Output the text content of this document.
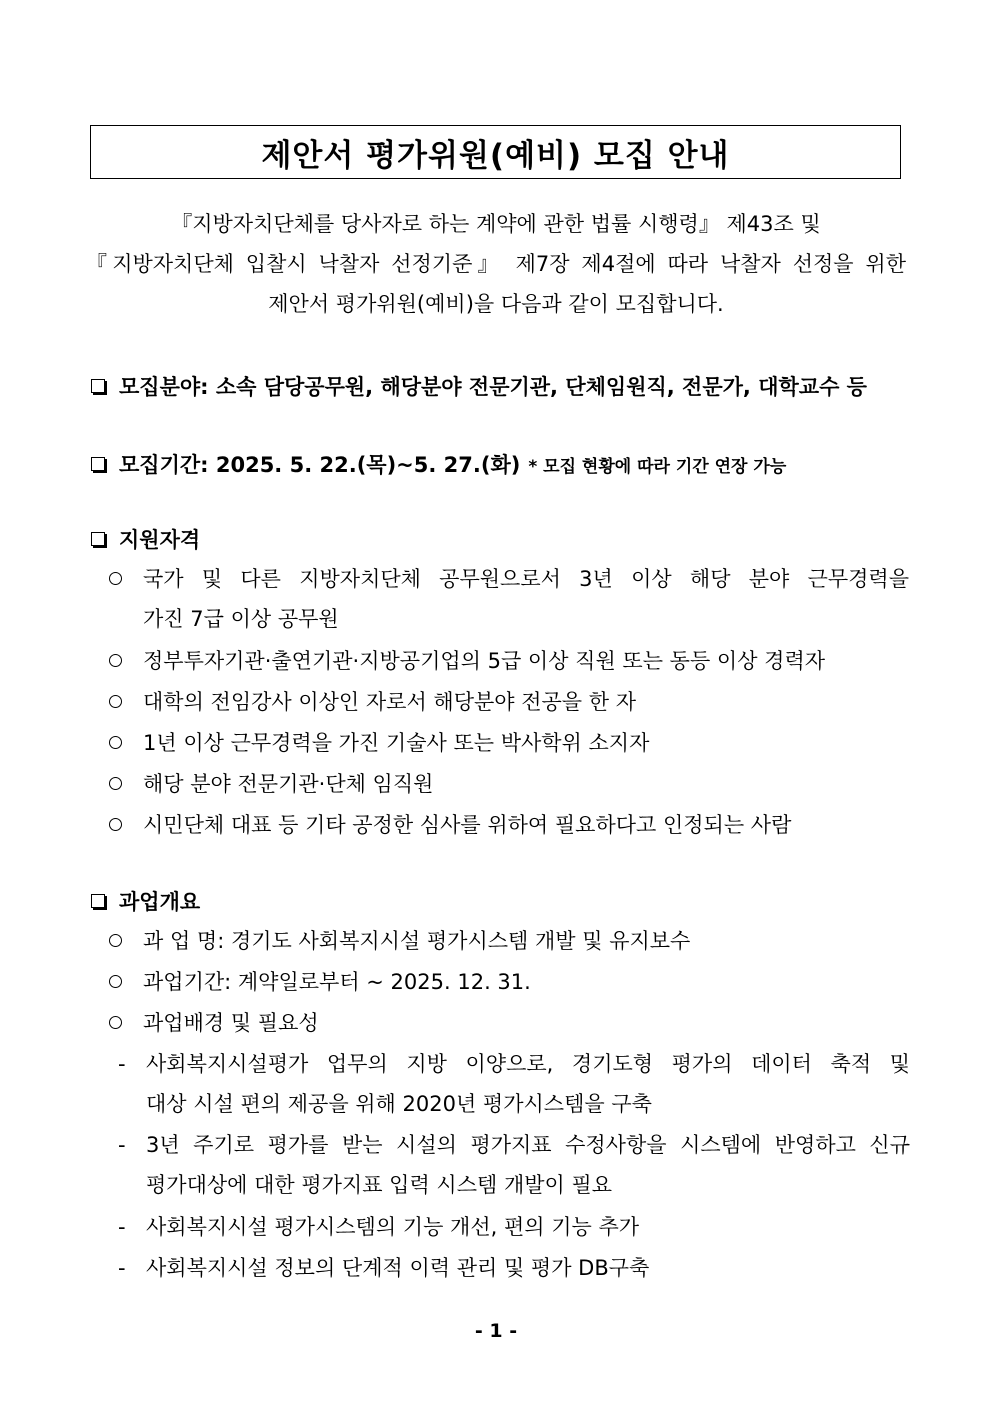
제안서 평가위원(예비) 모집 안내
『지방자치단체를 당사자로 하는 계약에 관한 법률 시행령』 제43조 및
『지방자치단체 입찰시 낙찰자 선정기준』 제7장 제4절에 따라 낙찰자 선정을 위한
제안서 평가위원(예비)을 다음과 같이 모집합니다.
모집분야: 소속 담당공무원, 해당분야 전문기관, 단체임원직, 전문가, 대학교수 등
모집기간: 2025. 5. 22.(목)~5. 27.(화) * 모집 현황에 따라 기간 연장 가능
지원자격
국가 및 다른 지방자치단체 공무원으로서 3년 이상 해당 분야 근무경력을
가진 7급 이상 공무원
정부투자기관·출연기관·지방공기업의 5급 이상 직원 또는 동등 이상 경력자
대학의 전임강사 이상인 자로서 해당분야 전공을 한 자
1년 이상 근무경력을 가진 기술사 또는 박사학위 소지자
해당 분야 전문기관·단체 임직원
시민단체 대표 등 기타 공정한 심사를 위하여 필요하다고 인정되는 사람
과업개요
과 업 명: 경기도 사회복지시설 평가시스템 개발 및 유지보수
과업기간: 계약일로부터 ~ 2025. 12. 31.
과업배경 및 필요성
- 사회복지시설평가 업무의 지방 이양으로, 경기도형 평가의 데이터 축적 및
대상 시설 편의 제공을 위해 2020년 평가시스템을 구축
- 3년 주기로 평가를 받는 시설의 평가지표 수정사항을 시스템에 반영하고 신규
평가대상에 대한 평가지표 입력 시스템 개발이 필요
- 사회복지시설 평가시스템의 기능 개선, 편의 기능 추가
- 사회복지시설 정보의 단계적 이력 관리 및 평가 DB구축
- 1 -
